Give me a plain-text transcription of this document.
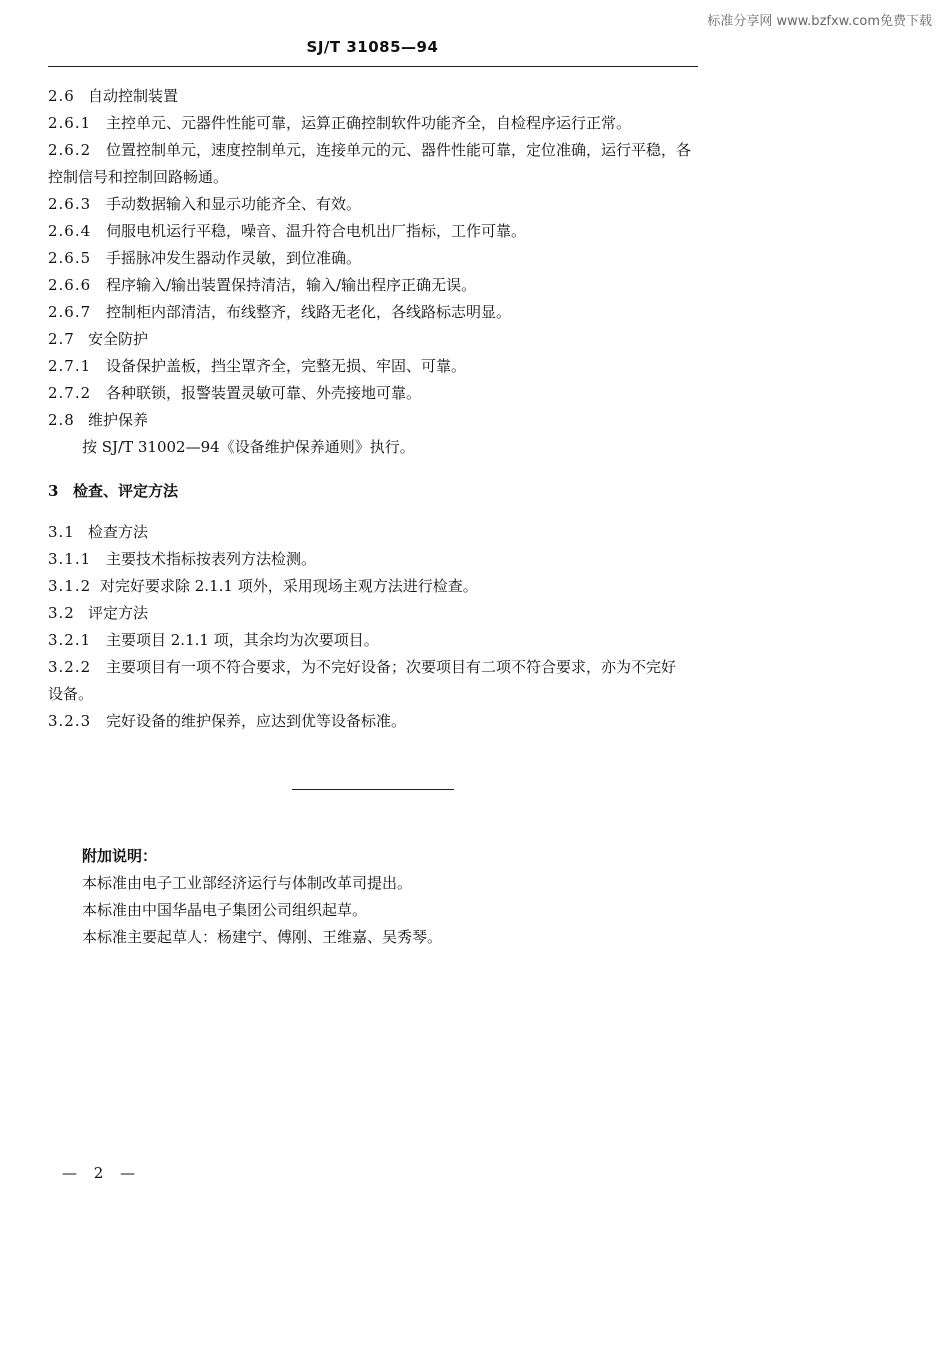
标准分享网 www.bzfxw.com免费下载
SJ/T 31085—94
2.6 自动控制装置
2.6.1 主控单元、元器件性能可靠，运算正确控制软件功能齐全，自检程序运行正常。
2.6.2 位置控制单元，速度控制单元，连接单元的元、器件性能可靠，定位准确，运行平稳，各
控制信号和控制回路畅通。
2.6.3 手动数据输入和显示功能齐全、有效。
2.6.4 伺服电机运行平稳，噪音、温升符合电机出厂指标，工作可靠。
2.6.5 手摇脉冲发生器动作灵敏，到位准确。
2.6.6 程序输入/输出装置保持清洁，输入/输出程序正确无误。
2.6.7 控制柜内部清洁，布线整齐，线路无老化，各线路标志明显。
2.7 安全防护
2.7.1 设备保护盖板，挡尘罩齐全，完整无损、牢固、可靠。
2.7.2 各种联锁，报警装置灵敏可靠、外壳接地可靠。
2.8 维护保养
按 SJ/T 31002—94《设备维护保养通则》执行。
3 检查、评定方法
3.1 检查方法
3.1.1 主要技术指标按表列方法检测。
3.1.2 对完好要求除 2.1.1 项外，采用现场主观方法进行检查。
3.2 评定方法
3.2.1 主要项目 2.1.1 项，其余均为次要项目。
3.2.2 主要项目有一项不符合要求，为不完好设备；次要项目有二项不符合要求，亦为不完好
设备。
3.2.3 完好设备的维护保养，应达到优等设备标准。
附加说明：
本标准由电子工业部经济运行与体制改革司提出。
本标准由中国华晶电子集团公司组织起草。
本标准主要起草人：杨建宁、傅刚、王维嘉、吴秀琴。
— 2 —
